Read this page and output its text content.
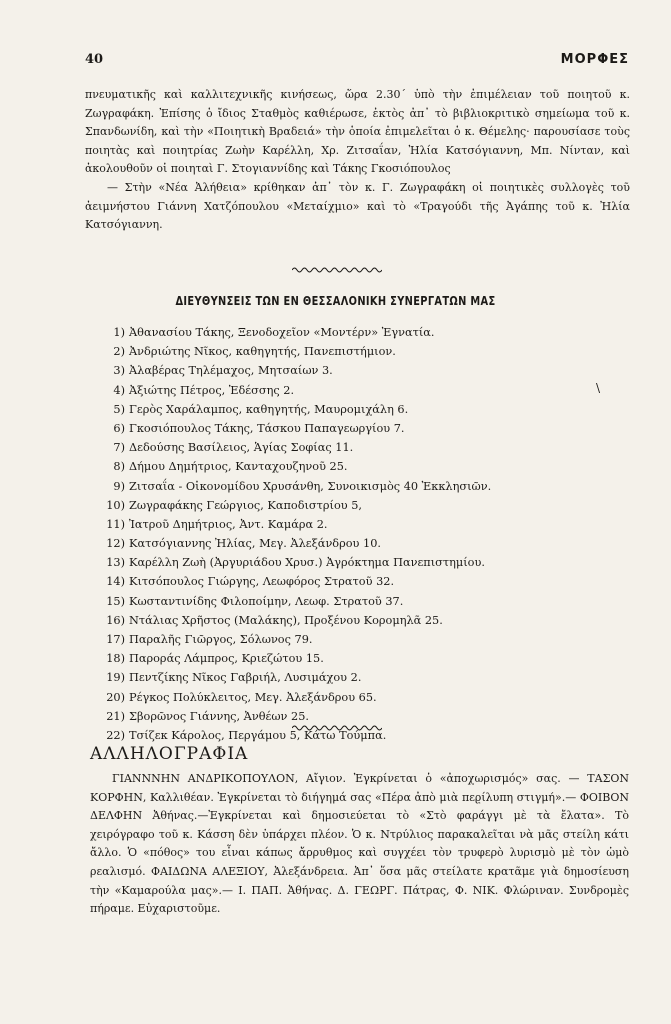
40	ΜΟΡΦΕΣ

πνευματικῆς καὶ καλλιτεχνικῆς κινήσεως, ὥρα 2.30΄ ὑπὸ τὴν ἐπιμέλειαν τοῦ ποιητοῦ κ. Ζωγραφάκη. Ἐπίσης ὁ ἴδιος Σταθμὸς καθιέρωσε, ἐκτὸς ἀπ᾿ τὸ βιβλιοκριτικὸ σημείωμα τοῦ κ. Σπανδωνίδη, καὶ τὴν «Ποιητικὴ Βραδειά» τὴν ὁποία ἐπιμελεῖται ὁ κ. Θέμελης· παρουσίασε τοὺς ποιητὰς καὶ ποιητρίας Ζωὴν Καρέλλη, Χρ. Ζιτσαΐαν, Ἠλία Κατσόγιαννη, Μπ. Νίνταν, καὶ ἀκολουθοῦν οἱ ποιηταὶ Γ. Στογιαννίδης καὶ Τάκης Γκοσιόπουλος

— Στὴν «Νέα Ἀλήθεια» κρίθηκαν ἀπ᾿ τὸν κ. Γ. Ζωγραφάκη οἱ ποιητικὲς συλλογὲς τοῦ ἀειμνήστου Γιάννη Χατζόπουλου «Μεταίχμιο» καὶ τὸ «Τραγούδι τῆς Ἀγάπης τοῦ κ. Ἠλία Κατσόγιαννη.

ΔΙΕΥΘΥΝΣΕΙΣ ΤΩΝ ΕΝ ΘΕΣΣΑΛΟΝΙΚΗ ΣΥΝΕΡΓΑΤΩΝ ΜΑΣ
1) Ἀθανασίου Τάκης, Ξενοδοχεῖον «Μοντέρν» Ἐγνατία.
2) Ἀνδριώτης Νῖκος, καθηγητής, Πανεπιστήμιον.
3) Ἀλαβέρας Τηλέμαχος, Μητσαίων 3.
4) Ἀξιώτης Πέτρος, Ἐδέσσης 2.
5) Γερὸς Χαράλαμπος, καθηγητής, Μαυρομιχάλη 6.
6) Γκοσιόπουλος Τάκης, Τάσκου Παπαγεωργίου 7.
7) Δεδούσης Βασίλειος, Ἁγίας Σοφίας 11.
8) Δήμου Δημήτριος, Κανταχουζηνοῦ 25.
9) Ζιτσαΐα - Οἰκονομίδου Χρυσάνθη, Συνοικισμὸς 40 Ἐκκλησιῶν.
10) Ζωγραφάκης Γεώργιος, Καποδιστρίου 5,
11) Ἰατροῦ Δημήτριος, Ἀντ. Καμάρα 2.
12) Κατσόγιαννης Ἠλίας, Μεγ. Ἀλεξάνδρου 10.
13) Καρέλλη Ζωὴ (Ἀργυριάδου Χρυσ.) Ἀγρόκτημα Πανεπιστημίου.
14) Κιτσόπουλος Γιώργης, Λεωφόρος Στρατοῦ 32.
15) Κωσταντινίδης Φιλοποίμην, Λεωφ. Στρατοῦ 37.
16) Ντάλιας Χρῆστος (Μαλάκης), Προξένου Κορομηλᾶ 25.
17) Παραλῆς Γιῶργος, Σόλωνος 79.
18) Παροράς Λάμπρος, Κριεζώτου 15.
19) Πεντζίκης Νῖκος Γαβριήλ, Λυσιμάχου 2.
20) Ρέγκος Πολύκλειτος, Μεγ. Ἀλεξάνδρου 65.
21) Σβορῶνος Γιάννης, Ἀνθέων 25.
22) Τσίζεκ Κάρολος, Περγάμου 5, Κάτω Τούμπα.
\
ΑΛΛΗΛΟΓΡΑΦΙΑ

ΓΙΑΝΝΝΗΝ ΑΝΔΡΙΚΟΠΟΥΛΟΝ, Αἴγιον. Ἐγκρίνεται ὁ «ἀποχωρισμός» σας. — ΤΑΣΟΝ ΚΟΡΦΗΝ, Καλλιθέαν. Ἐγκρίνεται τὸ διήγημά σας «Πέρα ἀπὸ μιὰ πεϱίλυπη στιγμή».— ΦΟΙΒΟΝ ΔΕΛΦΗΝ Ἀθήνας.—Ἐγκρίνεται καὶ δημοσιεύεται τὸ «Στὸ φαράγγι μὲ τὰ ἔλατα». Τὸ χειρόγραφο τοῦ κ. Κάσση δὲν ὑπάρχει πλέον. Ὁ κ. Ντρύλιος παρακαλεῖται νὰ μᾶς στείλη κάτι ἄλλο. Ὁ «πόθος» του εἶναι κάπως ἄρρυθμος καὶ συγχέει τὸν τρυφερὸ λυρισμὸ μὲ τὸν ὠμὸ ρεαλισμό. ΦΑΙΔΩΝΑ ΑΛΕΞΙΟΥ, Ἀλεξάνδρεια. Ἀπ᾿ ὅσα μᾶς στείλατε κρατᾶμε γιὰ δημοσίευση τὴν «Καμαρούλα μας».— Ι. ΠΑΠ. Ἀθήνας. Δ. ΓΕΩΡΓ. Πάτρας, Φ. ΝΙΚ. Φλώριναν. Συνδρομὲς πήραμε. Εὐχαριστοῦμε.
